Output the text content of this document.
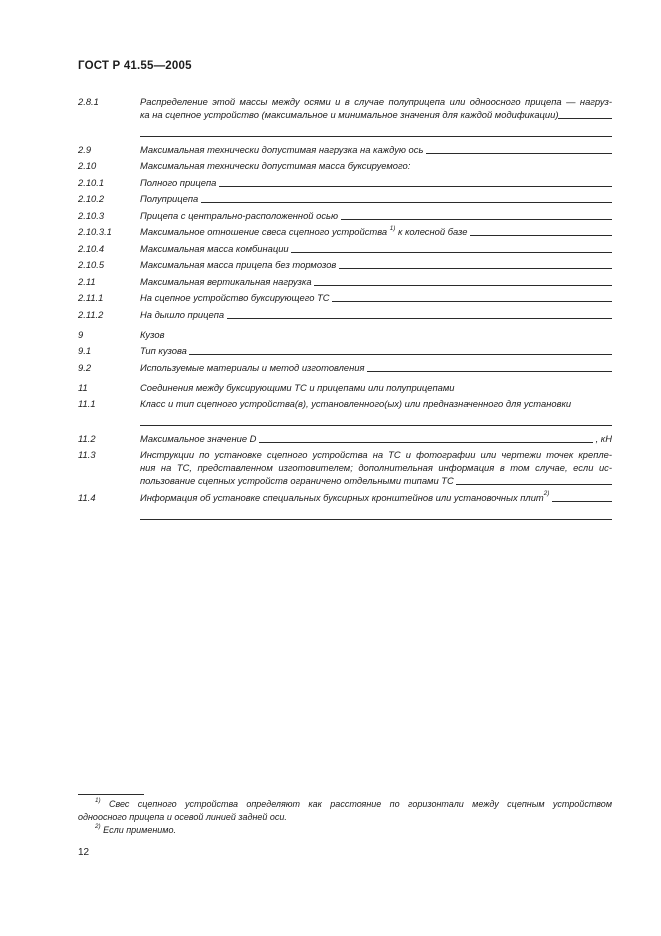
ГОСТ Р 41.55—2005
2.8.1	Распределение этой массы между осями и в случае полуприцепа или одноосного прицепа — нагруз-
ка на сцепное устройство (максимальное и минимальное значения для каждой модификации)
2.9	Максимальная технически допустимая нагрузка на каждую ось
2.10	Максимальная технически допустимая масса буксируемого:
2.10.1	Полного прицепа
2.10.2	Полуприцепа
2.10.3	Прицепа с центрально-расположенной осью
2.10.3.1	Максимальное отношение свеса сцепного устройства $^{1)}$ к колесной базе
2.10.4	Максимальная масса комбинации
2.10.5	Максимальная масса прицепа без тормозов
2.11	Максимальная вертикальная нагрузка
2.11.1	На сцепное устройство буксирующего ТС
2.11.2	На дышло прицепа
9	Кузов
9.1	Тип кузова
9.2	Используемые материалы и метод изготовления
11	Соединения между буксирующими ТС и прицепами или полуприцепами
11.1	Класс и тип сцепного устройства(в), установленного(ых) или предназначенного для установки
11.2	Максимальное значение D	, кН
11.3	Инструкции по установке сцепного устройства на ТС и фотографии или чертежи точек крепле-
ния на ТС, представленном изготовителем; дополнительная информация в том случае, если ис-
пользование сцепных устройств ограничено отдельными типами ТС
11.4	Информация об установке специальных буксирных кронштейнов или установочных плит$^{2)}$
$^{1)}$ Свес сцепного устройства определяют как расстояние по горизонтали между сцепным устройством
одноосного прицепа и осевой линией задней оси.
$^{2)}$ Если применимо.
12
